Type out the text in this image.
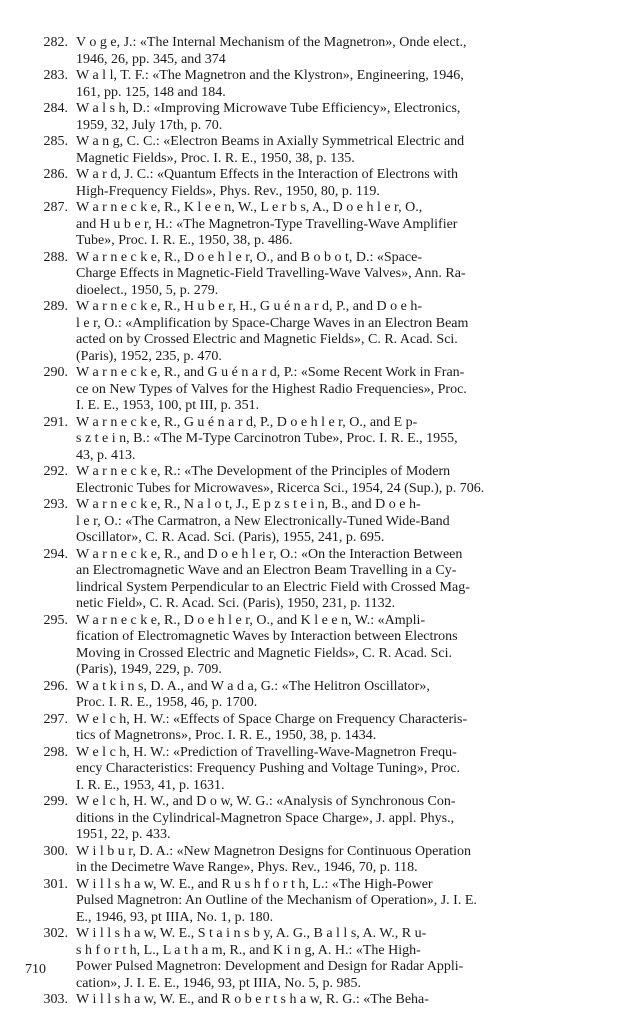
282. V o g e, J.: «The Internal Mechanism of the Magnetron», Onde elect.,
1946, 26, pp. 345, and 374
283. W a l l, T. F.: «The Magnetron and the Klystron», Engineering, 1946,
161, pp. 125, 148 and 184.
284. W a l s h, D.: «Improving Microwave Tube Efficiency», Electronics,
1959, 32, July 17th, p. 70.
285. W a n g, C. C.: «Electron Beams in Axially Symmetrical Electric and
Magnetic Fields», Proc. I. R. E., 1950, 38, p. 135.
286. W a r d, J. C.: «Quantum Effects in the Interaction of Electrons with
High-Frequency Fields», Phys. Rev., 1950, 80, p. 119.
287. W a r n e c k e, R., K l e e n, W., L e r b s, A., D o e h l e r, O.,
and H u b e r, H.: «The Magnetron-Type Travelling-Wave Amplifier
Tube», Proc. I. R. E., 1950, 38, p. 486.
288. W a r n e c k e, R., D o e h l e r, O., and B o b o t, D.: «Space-
Charge Effects in Magnetic-Field Travelling-Wave Valves», Ann. Ra-
dioelect., 1950, 5, p. 279.
289. W a r n e c k e, R., H u b e r, H., G u é n a r d, P., and D o e h-
l e r, O.: «Amplification by Space-Charge Waves in an Electron Beam
acted on by Crossed Electric and Magnetic Fields», C. R. Acad. Sci.
(Paris), 1952, 235, p. 470.
290. W a r n e c k e, R., and G u é n a r d, P.: «Some Recent Work in Fran-
ce on New Types of Valves for the Highest Radio Frequencies», Proc.
I. E. E., 1953, 100, pt III, p. 351.
291. W a r n e c k e, R., G u é n a r d, P., D o e h l e r, O., and E p-
s z t e i n, B.: «The M-Type Carcinotron Tube», Proc. I. R. E., 1955,
43, p. 413.
292. W a r n e c k e, R.: «The Development of the Principles of Modern
Electronic Tubes for Microwaves», Ricerca Sci., 1954, 24 (Sup.), p. 706.
293. W a r n e c k e, R., N a l o t, J., E p z s t e i n, B., and D o e h-
l e r, O.: «The Carmatron, a New Electronically-Tuned Wide-Band
Oscillator», C. R. Acad. Sci. (Paris), 1955, 241, p. 695.
294. W a r n e c k e, R., and D o e h l e r, O.: «On the Interaction Between
an Electromagnetic Wave and an Electron Beam Travelling in a Cy-
lindrical System Perpendicular to an Electric Field with Crossed Mag-
netic Field», C. R. Acad. Sci. (Paris), 1950, 231, p. 1132.
295. W a r n e c k e, R., D o e h l e r, O., and K l e e n, W.: «Ampli-
fication of Electromagnetic Waves by Interaction between Electrons
Moving in Crossed Electric and Magnetic Fields», C. R. Acad. Sci.
(Paris), 1949, 229, p. 709.
296. W a t k i n s, D. A., and W a d a, G.: «The Helitron Oscillator»,
Proc. I. R. E., 1958, 46, p. 1700.
297. W e l c h, H. W.: «Effects of Space Charge on Frequency Characteris-
tics of Magnetrons», Proc. I. R. E., 1950, 38, p. 1434.
298. W e l c h, H. W.: «Prediction of Travelling-Wave-Magnetron Frequ-
ency Characteristics: Frequency Pushing and Voltage Tuning», Proc.
I. R. E., 1953, 41, p. 1631.
299. W e l c h, H. W., and D o w, W. G.: «Analysis of Synchronous Con-
ditions in the Cylindrical-Magnetron Space Charge», J. appl. Phys.,
1951, 22, p. 433.
300. W i l b u r, D. A.: «New Magnetron Designs for Continuous Operation
in the Decimetre Wave Range», Phys. Rev., 1946, 70, p. 118.
301. W i l l s h a w, W. E., and R u s h f o r t h, L.: «The High-Power
Pulsed Magnetron: An Outline of the Mechanism of Operation», J. I. E.
E., 1946, 93, pt IIIA, No. 1, p. 180.
302. W i l l s h a w, W. E., S t a i n s b y, A. G., B a l l s, A. W., R u-
s h f o r t h, L., L a t h a m, R., and K i n g, A. H.: «The High-
Power Pulsed Magnetron: Development and Design for Radar Appli-
cation», J. I. E. E., 1946, 93, pt IIIA, No. 5, p. 985.
303. W i l l s h a w, W. E., and R o b e r t s h a w, R. G.: «The Beha-
710
